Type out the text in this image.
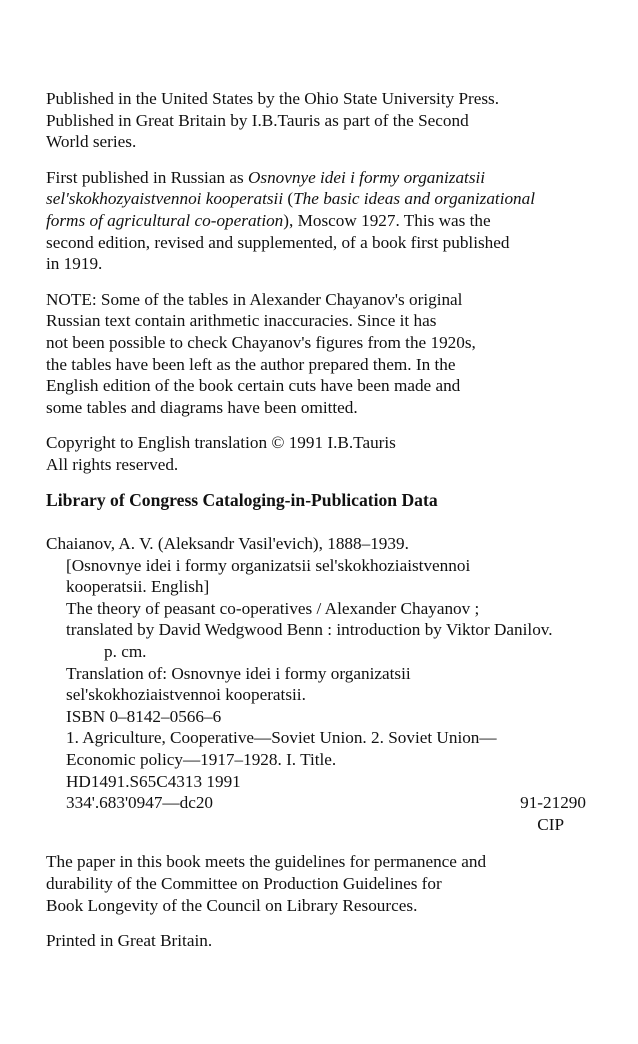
Published in the United States by the Ohio State University Press.
Published in Great Britain by I.B.Tauris as part of the Second
World series.

First published in Russian as Osnovnye idei i formy organizatsii
sel'skokhozyaistvennoi kooperatsii (The basic ideas and organizational
forms of agricultural co-operation), Moscow 1927. This was the
second edition, revised and supplemented, of a book first published
in 1919.

NOTE: Some of the tables in Alexander Chayanov's original
Russian text contain arithmetic inaccuracies. Since it has
not been possible to check Chayanov's figures from the 1920s,
the tables have been left as the author prepared them. In the
English edition of the book certain cuts have been made and
some tables and diagrams have been omitted.

Copyright to English translation © 1991 I.B.Tauris
All rights reserved.

Library of Congress Cataloging-in-Publication Data
Chaianov, A. V. (Aleksandr Vasil'evich), 1888–1939.
[Osnovnye idei i formy organizatsii sel'skokhoziaistvennoi
kooperatsii. English]
The theory of peasant co-operatives / Alexander Chayanov ;
translated by David Wedgwood Benn : introduction by Viktor Danilov.
p. cm.
Translation of: Osnovnye idei i formy organizatsii
sel'skokhoziaistvennoi kooperatsii.
ISBN 0–8142–0566–6
1. Agriculture, Cooperative—Soviet Union. 2. Soviet Union—
Economic policy—1917–1928. I. Title.
HD1491.S65C4313 1991
334'.683'0947—dc20	91-21290
CIP

The paper in this book meets the guidelines for permanence and
durability of the Committee on Production Guidelines for
Book Longevity of the Council on Library Resources.

Printed in Great Britain.
